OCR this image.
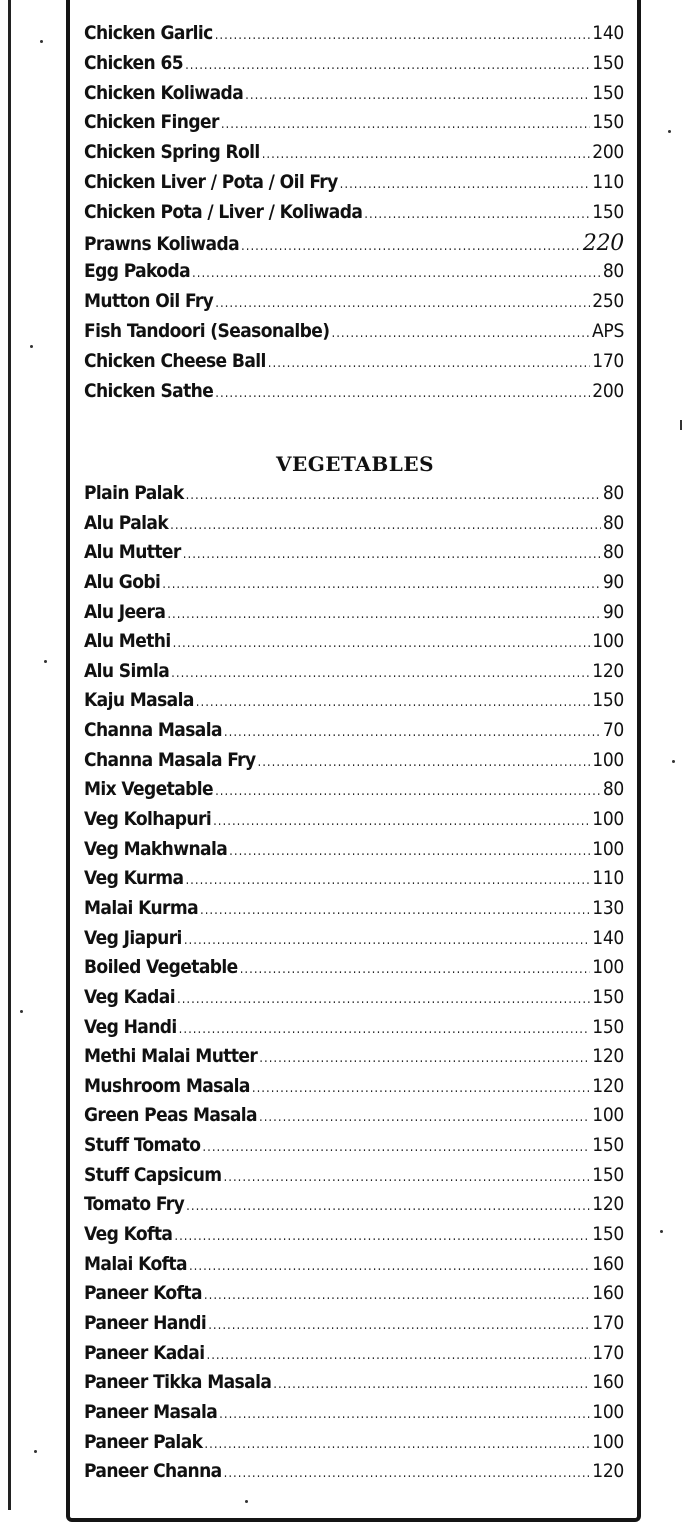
Chicken Garlic .....	140
Chicken 65 .....	150
Chicken Koliwada .....	150
Chicken Finger .....	150
Chicken Spring Roll .....	200
Chicken Liver / Pota / Oil Fry .....	110
Chicken Pota / Liver / Koliwada .....	150
Prawns Koliwada .....	220
Egg Pakoda .....	80
Mutton Oil Fry .....	250
Fish Tandoori (Seasonalbe) .....	APS
Chicken Cheese Ball .....	170
Chicken Sathe .....	200
VEGETABLES
Plain Palak .....	80
Alu Palak .....	80
Alu Mutter .....	80
Alu Gobi .....	90
Alu Jeera .....	90
Alu Methi .....	100
Alu Simla .....	120
Kaju Masala .....	150
Channa Masala .....	70
Channa Masala Fry .....	100
Mix Vegetable .....	80
Veg Kolhapuri .....	100
Veg Makhwnala .....	100
Veg Kurma .....	110
Malai Kurma .....	130
Veg Jiapuri .....	140
Boiled Vegetable .....	100
Veg Kadai .....	150
Veg Handi .....	150
Methi Malai Mutter .....	120
Mushroom Masala .....	120
Green Peas Masala .....	100
Stuff Tomato .....	150
Stuff Capsicum .....	150
Tomato Fry .....	120
Veg Kofta .....	150
Malai Kofta .....	160
Paneer Kofta .....	160
Paneer Handi .....	170
Paneer Kadai .....	170
Paneer Tikka Masala .....	160
Paneer Masala .....	100
Paneer Palak .....	100
Paneer Channa .....	120
